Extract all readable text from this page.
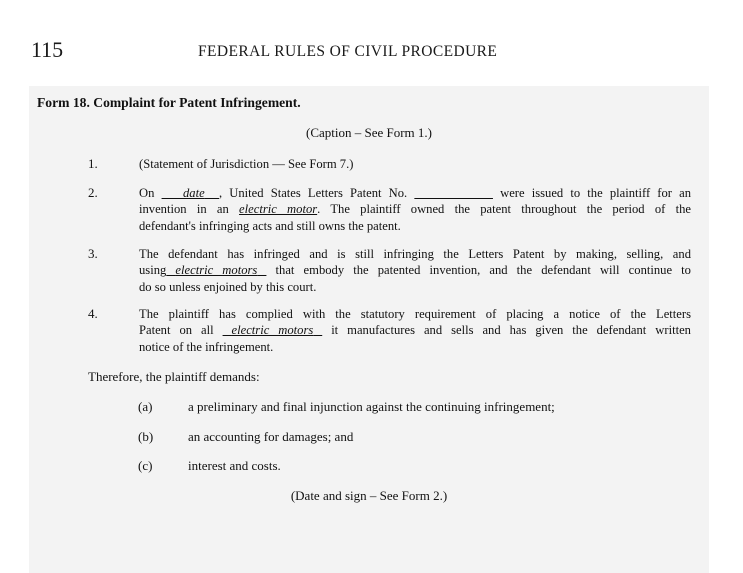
115	FEDERAL RULES OF CIVIL PROCEDURE
Form 18. Complaint for Patent Infringement.
(Caption – See Form 1.)
1.	(Statement of Jurisdiction — See Form 7.)
2.	On date , United States Letters Patent No.	were issued to the plaintiff for an
invention in an electric motor. The plaintiff owned the patent throughout the period of the
defendant's infringing acts and still owns the patent.
3.	The defendant has infringed and is still infringing the Letters Patent by making, selling, and
using electric motors that embody the patented invention, and the defendant will continue to
do so unless enjoined by this court.
4.	The plaintiff has complied with the statutory requirement of placing a notice of the Letters
Patent on all electric motors it manufactures and sells and has given the defendant written
notice of the infringement.
Therefore, the plaintiff demands:
(a)	a preliminary and final injunction against the continuing infringement;
(b)	an accounting for damages; and
(c)	interest and costs.
(Date and sign – See Form 2.)
